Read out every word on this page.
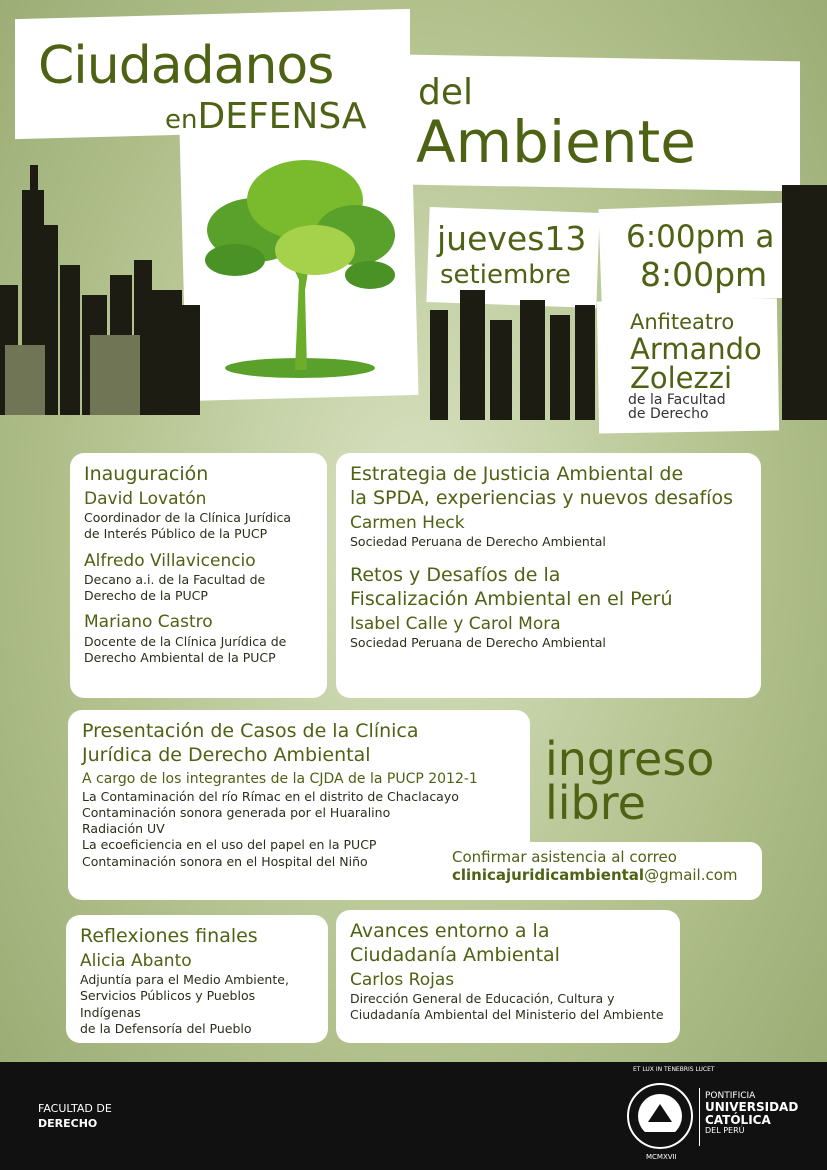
Ciudadanos
enDEFENSA
del
Ambiente
jueves13
setiembre
6:00pm a
8:00pm
Anfiteatro
Armando
Zolezzi
de la Facultad
de Derecho
Inauguración
David Lovatón
Coordinador de la Clínica Jurídica
de Interés Público de la PUCP
Alfredo Villavicencio
Decano a.i. de la Facultad de
Derecho de la PUCP
Mariano Castro
Docente de la Clínica Jurídica de
Derecho Ambiental de la PUCP
Estrategia de Justicia Ambiental de
la SPDA, experiencias y nuevos desafíos
Carmen Heck
Sociedad Peruana de Derecho Ambiental
Retos y Desafíos de la
Fiscalización Ambiental en el Perú
Isabel Calle y Carol Mora
Sociedad Peruana de Derecho Ambiental
Presentación de Casos de la Clínica
Jurídica de Derecho Ambiental
A cargo de los integrantes de la CJDA de la PUCP 2012-1
La Contaminación del río Rímac en el distrito de Chaclacayo
Contaminación sonora generada por el Huaralino
Radiación UV
La ecoeficiencia en el uso del papel en la PUCP
Contaminación sonora en el Hospital del Niño	Confirmar asistencia al correo
clinicajuridicambiental@gmail.com
ingreso
libre
Reflexiones finales
Alicia Abanto
Adjuntía para el Medio Ambiente,
Servicios Públicos y Pueblos Indígenas
de la Defensoría del Pueblo
Avances entorno a la
Ciudadanía Ambiental
Carlos Rojas
Dirección General de Educación, Cultura y
Ciudadanía Ambiental del Ministerio del Ambiente
FACULTAD DE
DERECHO
ET LUX IN TENEBRIS LUCET
MCMXVII
PONTIFICIA
UNIVERSIDAD
CATÓLICA
DEL PERÚ
